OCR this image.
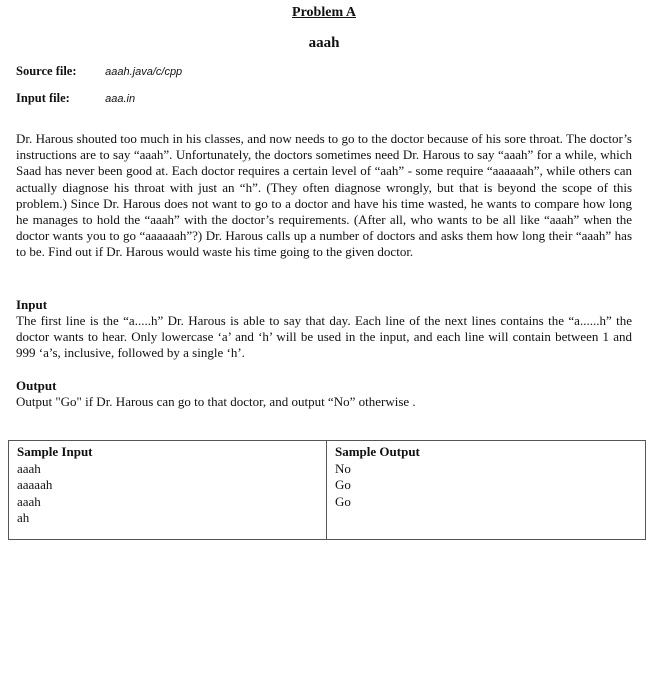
Problem A
aaah
Source file:	aaah.java/c/cpp
Input file:	aaa.in

Dr. Harous shouted too much in his classes, and now needs to go to the doctor because of his sore throat. The doctor’s instructions are to say “aaah”. Unfortunately, the doctors sometimes need Dr. Harous to say “aaah” for a while, which Saad has never been good at. Each doctor requires a certain level of “aah” - some require “aaaaaah”, while others can actually diagnose his throat with just an “h”. (They often diagnose wrongly, but that is beyond the scope of this problem.) Since Dr. Harous does not want to go to a doctor and have his time wasted, he wants to compare how long he manages to hold the “aaah” with the doctor’s requirements. (After all, who wants to be all like “aaah” when the doctor wants you to go “aaaaaah”?) Dr. Harous calls up a number of doctors and asks them how long their “aaah” has to be. Find out if Dr. Harous would waste his time going to the given doctor.

Input

The first line is the “a.....h” Dr. Harous is able to say that day. Each line of the next lines contains the “a......h” the doctor wants to hear. Only lowercase ‘a’ and ‘h’ will be used in the input, and each line will contain between 1 and 999 ‘a’s, inclusive, followed by a single ‘h’.

Output

Output "Go" if Dr. Harous can go to that doctor, and output “No” otherwise .

Sample Input
aaah
aaaaah
aaah
ah
Sample Output
No
Go
Go
